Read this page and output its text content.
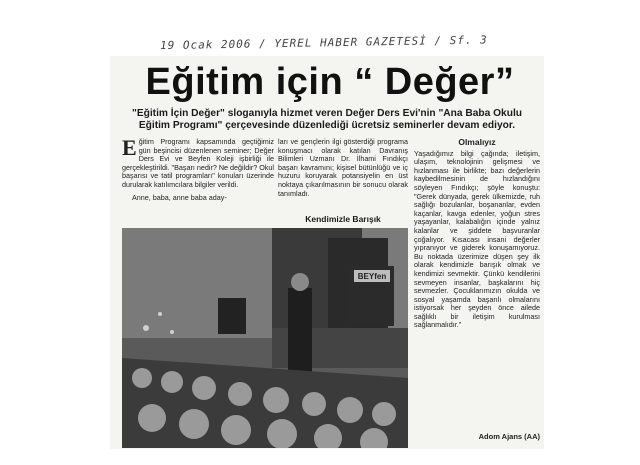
19 Ocak 2006 / YEREL HABER GAZETESİ / Sf. 3
Eğitim için “ Değer”
"Eğitim İçin Değer" sloganıyla hizmet veren Değer Ders Evi'nin "Ana Baba Okulu Eğitim Programı" çerçevesinde düzenlediği ücretsiz seminerler devam ediyor.
Eğitim Programı kapsamında geçtiğimiz gün beşincisi düzenlenen seminer; Değer Ders Evi ve Beyfen Koleji işbirliği ile gerçekleştirildi. "Başarı nedir? Ne değildir? Okul başarısı ve tatil programları" konuları üzerinde durularak katılımcılara bilgiler verildi.
Anne, baba, anne baba aday-
ları ve gençlerin ilgi gösterdiği programa konuşmacı olarak katılan Davranış Bilimleri Uzmanı Dr. İlhami Fındıkçı başarı kavramını; kişisel bütünlüğü ve iç huzuru koruyarak potansiyelin en üst noktaya çıkarılmasının bir sonucu olarak tanımladı.
Kendimizle Barışık
Olmalıyız
Yaşadığımız bilgi çağında; iletişim, ulaşım, teknolojinin gelişmesi ve hızlanması ile birlikte; bazı değerlerin kaybedilmesinin de hızlandığını söyleyen Fındıkçı; şöyle konuştu: "Gerek dünyada, gerek ülkemizde, ruh sağlığı bozulanlar, boşananlar, evden kaçanlar, kavga edenler, yoğun stres yaşayanlar, kalabalığın içinde yalnız kalanlar ve şiddete başvuranlar çoğalıyor. Kısacası insani değerler yıpranıyor ve giderek konuşamıyoruz. Bu noktada üzerimize düşen şey ilk olarak kendimizle barışık olmak ve kendimizi sevmektir. Çünkü kendilerini sevmeyen insanlar, başkalarını hiç sevmezler. Çocuklarımızın okulda ve sosyal yaşamda başarılı olmalarını istiyorsak her şeyden önce ailede sağlıklı bir iletişim kurulması sağlanmalıdır."
BEYfen
Adom Ajans (AA)
